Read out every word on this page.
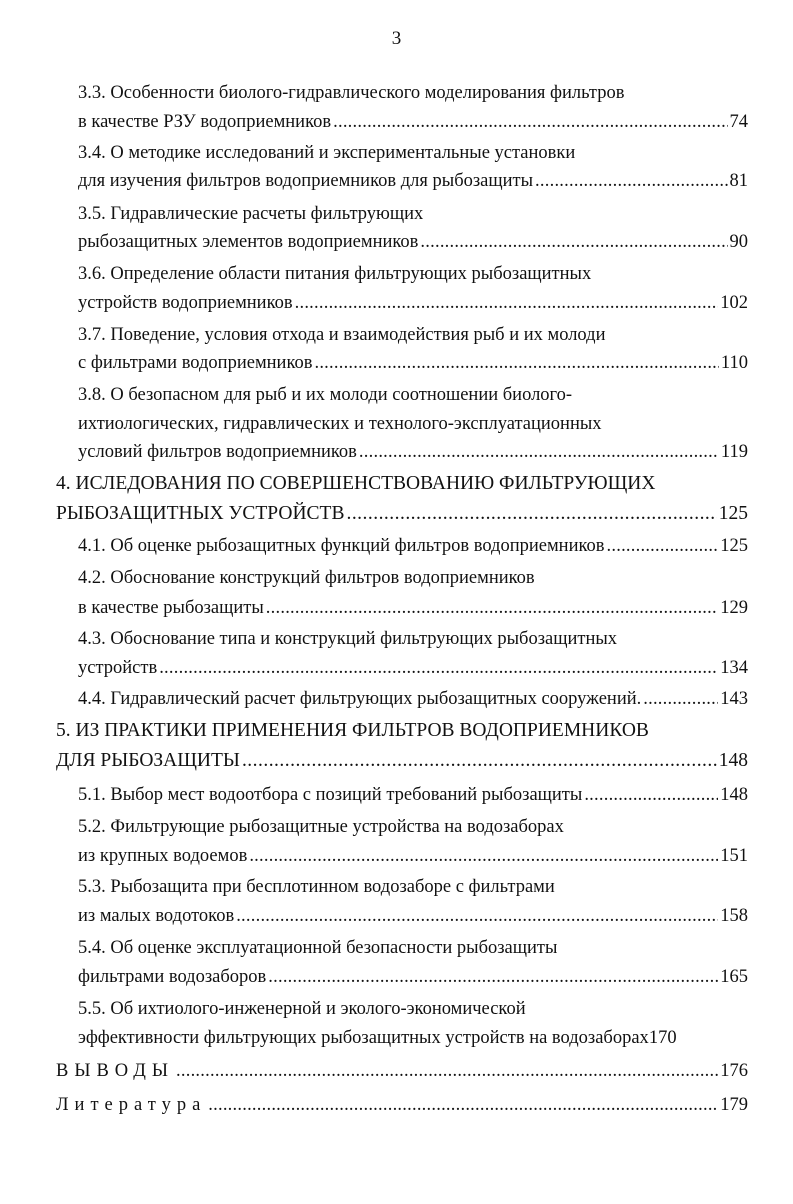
3
3.3. Особенности биолого-гидравлического моделирования фильтров
в качестве РЗУ водоприемников . . .	74
3.4. О методике исследований и экспериментальные установки
для изучения фильтров водоприемников для рыбозащиты . . .	81
3.5. Гидравлические расчеты фильтрующих
рыбозащитных элементов водоприемников . . .	90
3.6. Определение области питания фильтрующих рыбозащитных
устройств водоприемников . . .	102
3.7. Поведение, условия отхода и взаимодействия рыб и их молоди
с фильтрами водоприемников . . .	110
3.8. О безопасном для рыб и их молоди соотношении биолого-
ихтиологических, гидравлических и технолого-эксплуатационных
условий фильтров водоприемников . . .	119
4. ИСЛЕДОВАНИЯ ПО СОВЕРШЕНСТВОВАНИЮ ФИЛЬТРУЮЩИХ
РЫБОЗАЩИТНЫХ УСТРОЙСТВ . . .	125
4.1. Об оценке рыбозащитных функций фильтров водоприемников . . .	125
4.2. Обоснование конструкций фильтров водоприемников
в качестве рыбозащиты . . .	129
4.3. Обоснование типа и конструкций фильтрующих рыбозащитных
устройств . . .	134
4.4. Гидравлический расчет фильтрующих рыбозащитных сооружений. . . .	143
5. ИЗ ПРАКТИКИ ПРИМЕНЕНИЯ ФИЛЬТРОВ ВОДОПРИЕМНИКОВ
ДЛЯ РЫБОЗАЩИТЫ . . .	148
5.1. Выбор мест водоотбора с позиций требований рыбозащиты . . .	148
5.2. Фильтрующие рыбозащитные устройства на водозаборах
из крупных водоемов . . .	151
5.3. Рыбозащита при бесплотинном водозаборе с фильтрами
из малых водотоков . . .	158
5.4. Об оценке эксплуатационной безопасности рыбозащиты
фильтрами водозаборов . . .	165
5.5. Об ихтиолого-инженерной и эколого-экономической
эффективности фильтрующих рыбозащитных устройств на водозаборах 170
ВЫВОДЫ . . .	176
Литература . . .	179
